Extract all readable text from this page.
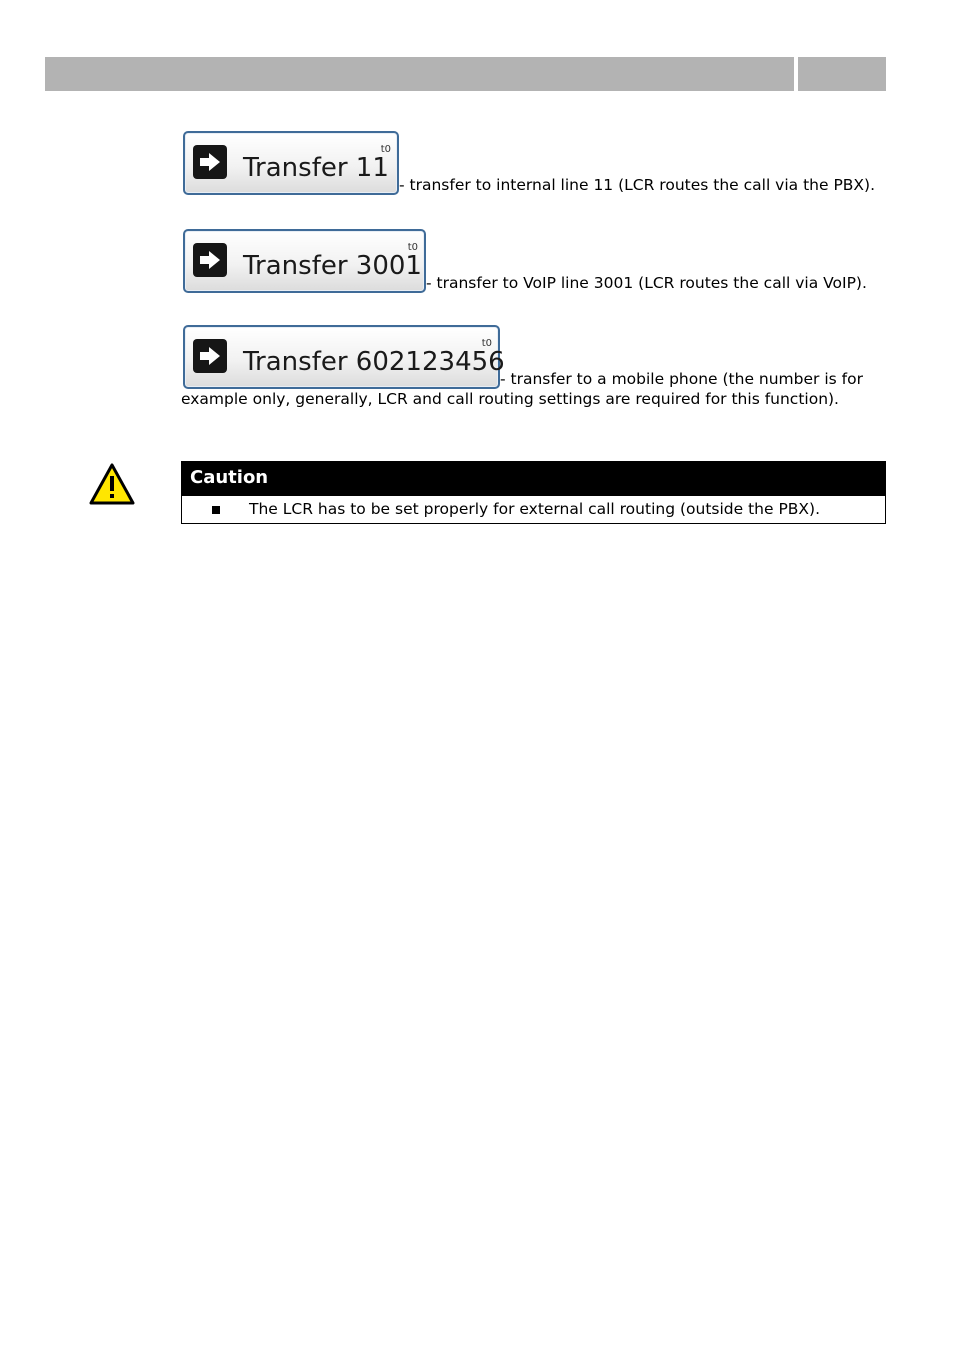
Transfer 11
t0
- transfer to internal line 11 (LCR routes the call via the PBX).
Transfer 3001
t0
- transfer to VoIP line 3001 (LCR routes the call via VoIP).
Transfer 602123456
t0
- transfer to a mobile phone (the number is for example only, generally, LCR and call routing settings are required for this function).
Caution
The LCR has to be set properly for external call routing (outside the PBX).
